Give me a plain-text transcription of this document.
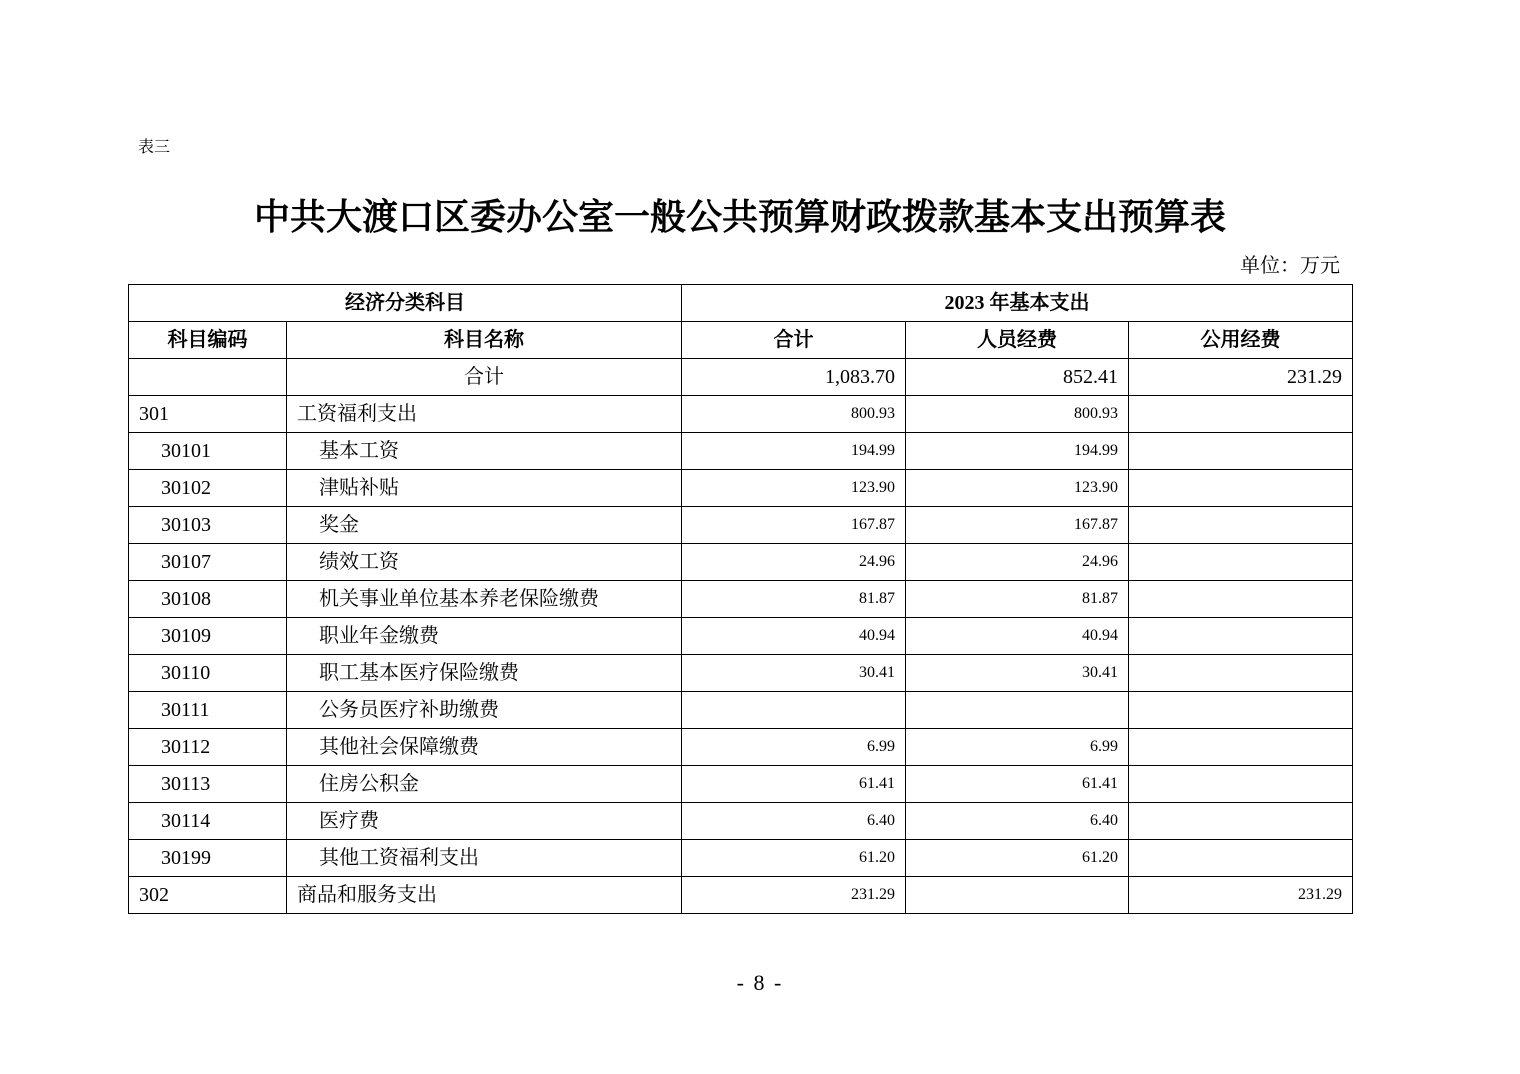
表三
中共大渡口区委办公室一般公共预算财政拨款基本支出预算表
单位：万元
经济分类科目		2023 年基本支出		
科目编码	科目名称	合计	人员经费	公用经费
	合计	1,083.70	852.41	231.29
301	工资福利支出	800.93	800.93	
30101	基本工资	194.99	194.99	
30102	津贴补贴	123.90	123.90	
30103	奖金	167.87	167.87	
30107	绩效工资	24.96	24.96	
30108	机关事业单位基本养老保险缴费	81.87	81.87	
30109	职业年金缴费	40.94	40.94	
30110	职工基本医疗保险缴费	30.41	30.41	
30111	公务员医疗补助缴费			
30112	其他社会保障缴费	6.99	6.99	
30113	住房公积金	61.41	61.41	
30114	医疗费	6.40	6.40	
30199	其他工资福利支出	61.20	61.20	
302	商品和服务支出	231.29		231.29
- 8 -
